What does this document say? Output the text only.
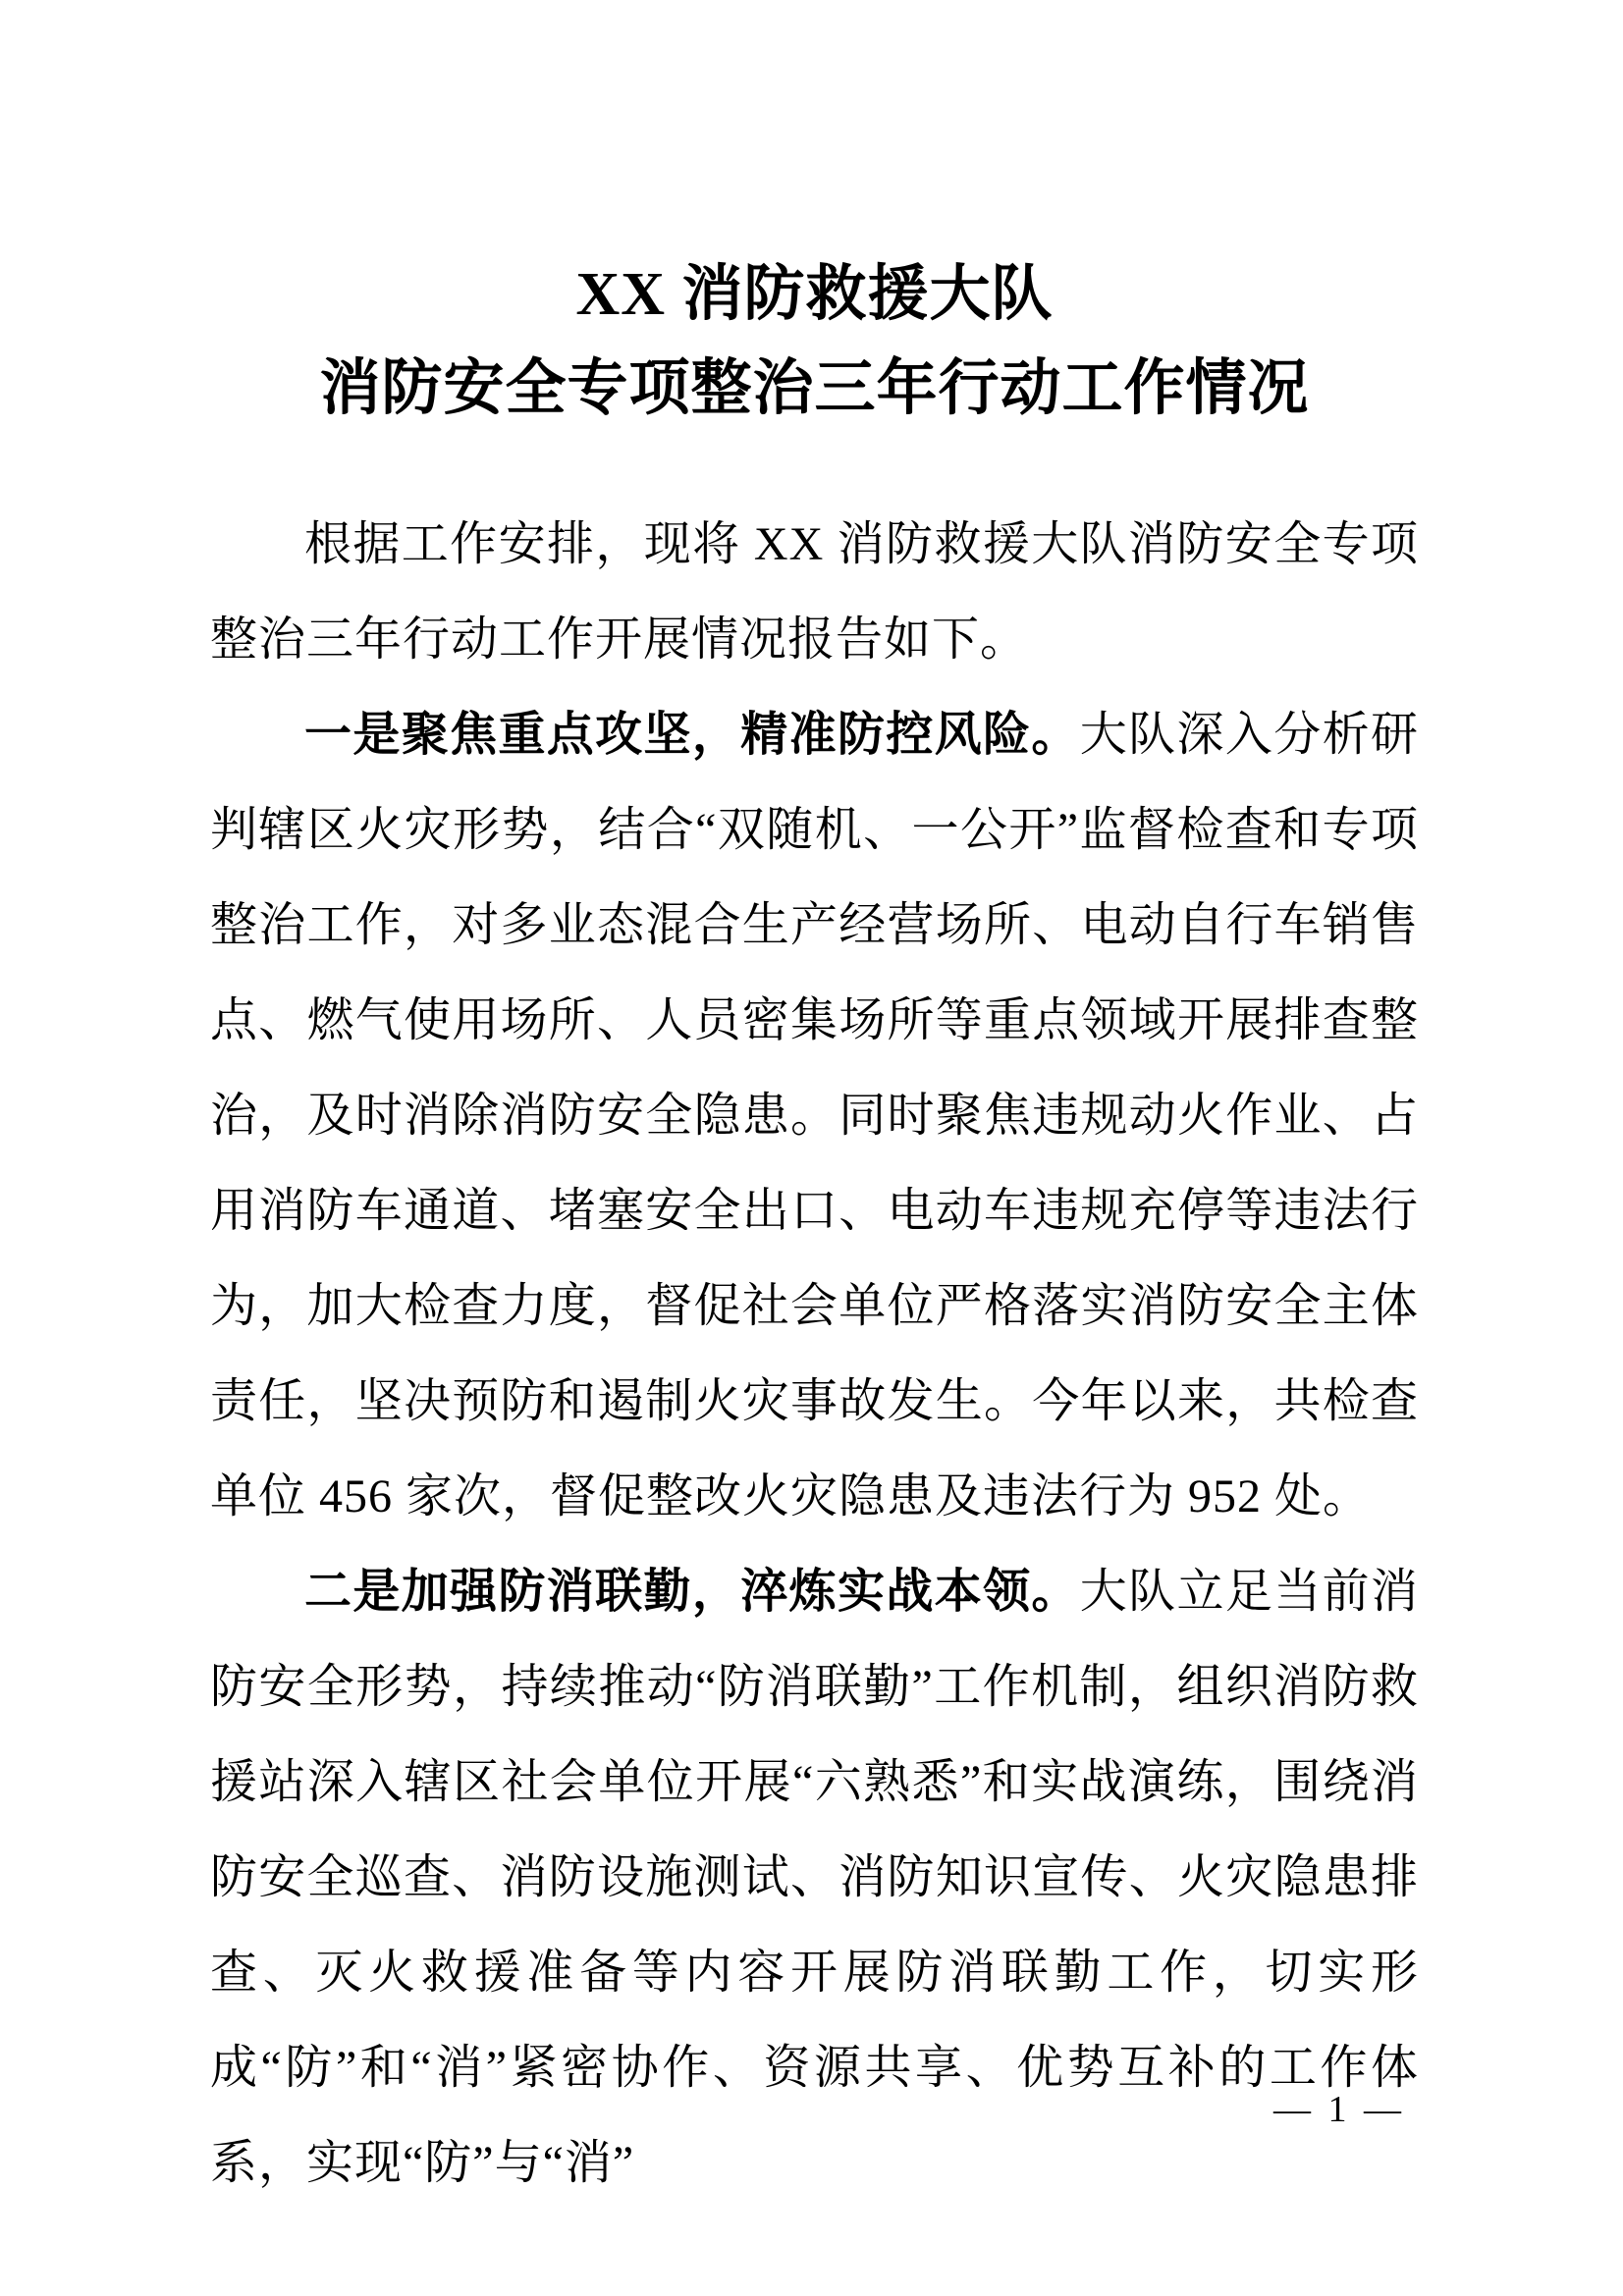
XX 消防救援大队
消防安全专项整治三年行动工作情况

根据工作安排，现将 XX 消防救援大队消防安全专项整治三年行动工作开展情况报告如下。

一是聚焦重点攻坚，精准防控风险。大队深入分析研判辖区火灾形势，结合“双随机、一公开”监督检查和专项整治工作，对多业态混合生产经营场所、电动自行车销售点、燃气使用场所、人员密集场所等重点领域开展排查整治，及时消除消防安全隐患。同时聚焦违规动火作业、占用消防车通道、堵塞安全出口、电动车违规充停等违法行为，加大检查力度，督促社会单位严格落实消防安全主体责任，坚决预防和遏制火灾事故发生。今年以来，共检查单位 456 家次，督促整改火灾隐患及违法行为 952 处。

二是加强防消联勤，淬炼实战本领。大队立足当前消防安全形势，持续推动“防消联勤”工作机制，组织消防救援站深入辖区社会单位开展“六熟悉”和实战演练，围绕消防安全巡查、消防设施测试、消防知识宣传、火灾隐患排查、灭火救援准备等内容开展防消联勤工作，切实形成“防”和“消”紧密协作、资源共享、优势互补的工作体系，实现“防”与“消”

— 1 —
